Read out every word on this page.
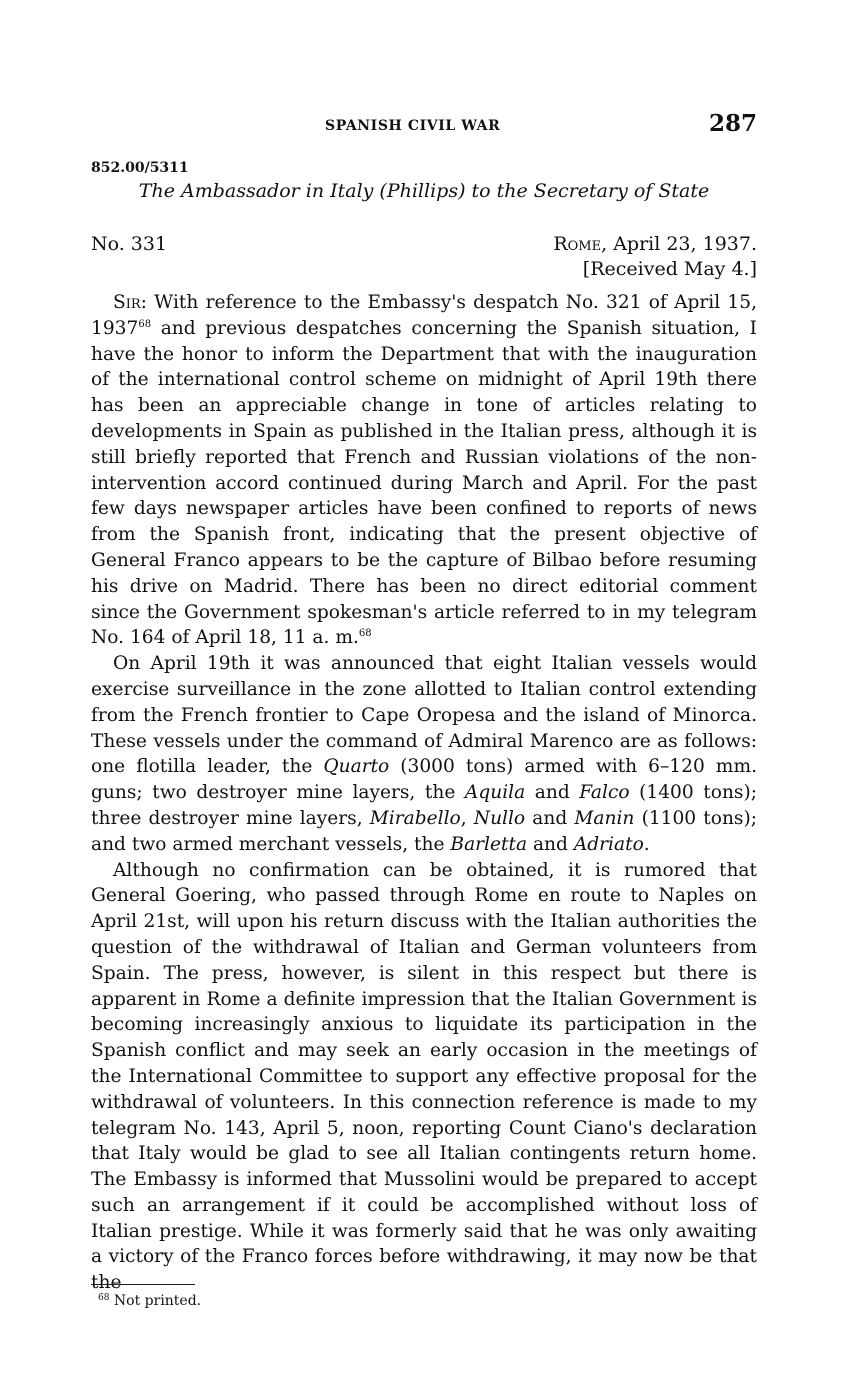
SPANISH CIVIL WAR	287
852.00/5311
The Ambassador in Italy (Phillips) to the Secretary of State
No. 331	Rome, April 23, 1937.
[Received May 4.]

Sir: With reference to the Embassy's despatch No. 321 of April 15, 1937$^{68}$ and previous despatches concerning the Spanish situation, I have the honor to inform the Department that with the inauguration of the international control scheme on midnight of April 19th there has been an appreciable change in tone of articles relating to developments in Spain as published in the Italian press, although it is still briefly reported that French and Russian violations of the non-intervention accord continued during March and April. For the past few days newspaper articles have been confined to reports of news from the Spanish front, indicating that the present objective of General Franco appears to be the capture of Bilbao before resuming his drive on Madrid. There has been no direct editorial comment since the Government spokesman's article referred to in my telegram No. 164 of April 18, 11 a. m.$^{68}$

On April 19th it was announced that eight Italian vessels would exercise surveillance in the zone allotted to Italian control extending from the French frontier to Cape Oropesa and the island of Minorca. These vessels under the command of Admiral Marenco are as follows: one flotilla leader, the Quarto (3000 tons) armed with 6–120 mm. guns; two destroyer mine layers, the Aquila and Falco (1400 tons); three destroyer mine layers, Mirabello, Nullo and Manin (1100 tons); and two armed merchant vessels, the Barletta and Adriato.

Although no confirmation can be obtained, it is rumored that General Goering, who passed through Rome en route to Naples on April 21st, will upon his return discuss with the Italian authorities the question of the withdrawal of Italian and German volunteers from Spain. The press, however, is silent in this respect but there is apparent in Rome a definite impression that the Italian Government is becoming increasingly anxious to liquidate its participation in the Spanish conflict and may seek an early occasion in the meetings of the International Committee to support any effective proposal for the withdrawal of volunteers. In this connection reference is made to my telegram No. 143, April 5, noon, reporting Count Ciano's declaration that Italy would be glad to see all Italian contingents return home. The Embassy is informed that Mussolini would be prepared to accept such an arrangement if it could be accomplished without loss of Italian prestige. While it was formerly said that he was only awaiting a victory of the Franco forces before withdrawing, it may now be that the

$^{68}$ Not printed.
